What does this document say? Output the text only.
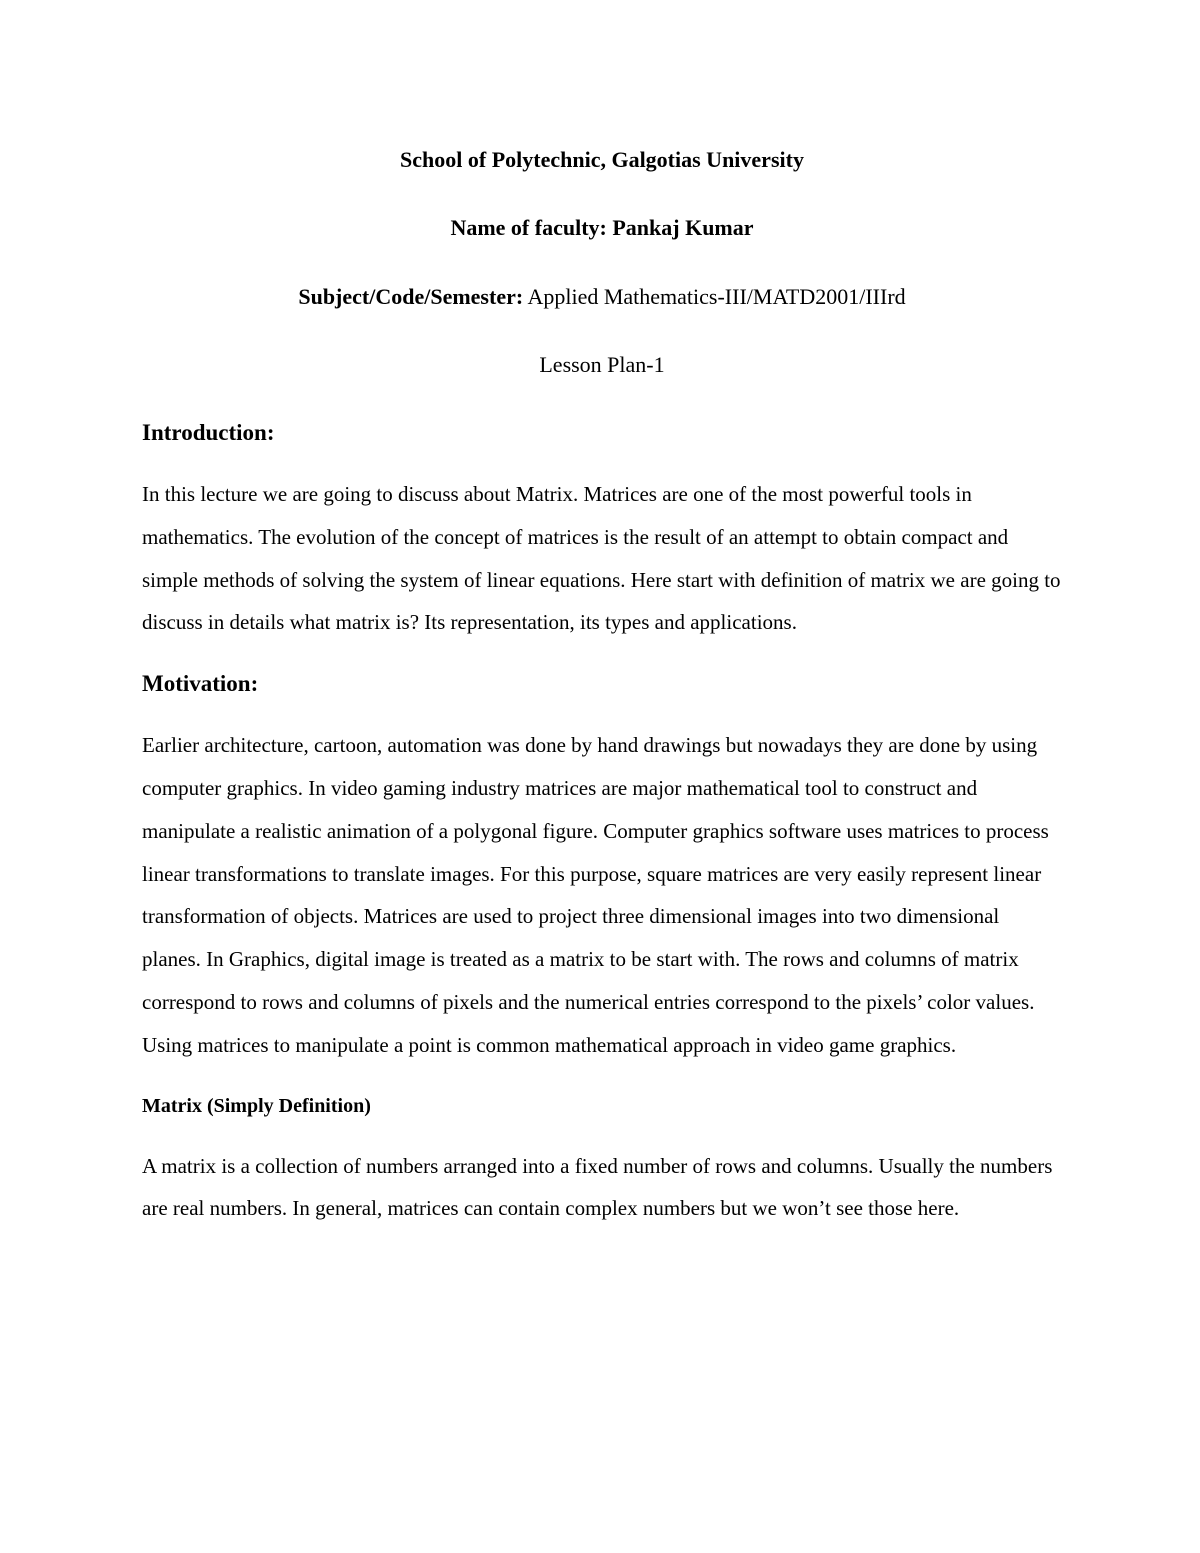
School of Polytechnic, Galgotias University

Name of faculty: Pankaj Kumar

Subject/Code/Semester: Applied Mathematics-III/MATD2001/IIIrd

Lesson Plan-1

Introduction:

In this lecture we are going to discuss about Matrix. Matrices are one of the most powerful tools in mathematics. The evolution of the concept of matrices is the result of an attempt to obtain compact and simple methods of solving the system of linear equations. Here start with definition of matrix we are going to discuss in details what matrix is? Its representation, its types and applications.

Motivation:

Earlier architecture, cartoon, automation was done by hand drawings but nowadays they are done by using computer graphics. In video gaming industry matrices are major mathematical tool to construct and manipulate a realistic animation of a polygonal figure. Computer graphics software uses matrices to process linear transformations to translate images. For this purpose, square matrices are very easily represent linear transformation of objects. Matrices are used to project three dimensional images into two dimensional planes. In Graphics, digital image is treated as a matrix to be start with. The rows and columns of matrix correspond to rows and columns of pixels and the numerical entries correspond to the pixels’ color values. Using matrices to manipulate a point is common mathematical approach in video game graphics.

Matrix (Simply Definition)

A matrix is a collection of numbers arranged into a fixed number of rows and columns. Usually the numbers are real numbers. In general, matrices can contain complex numbers but we won’t see those here.
